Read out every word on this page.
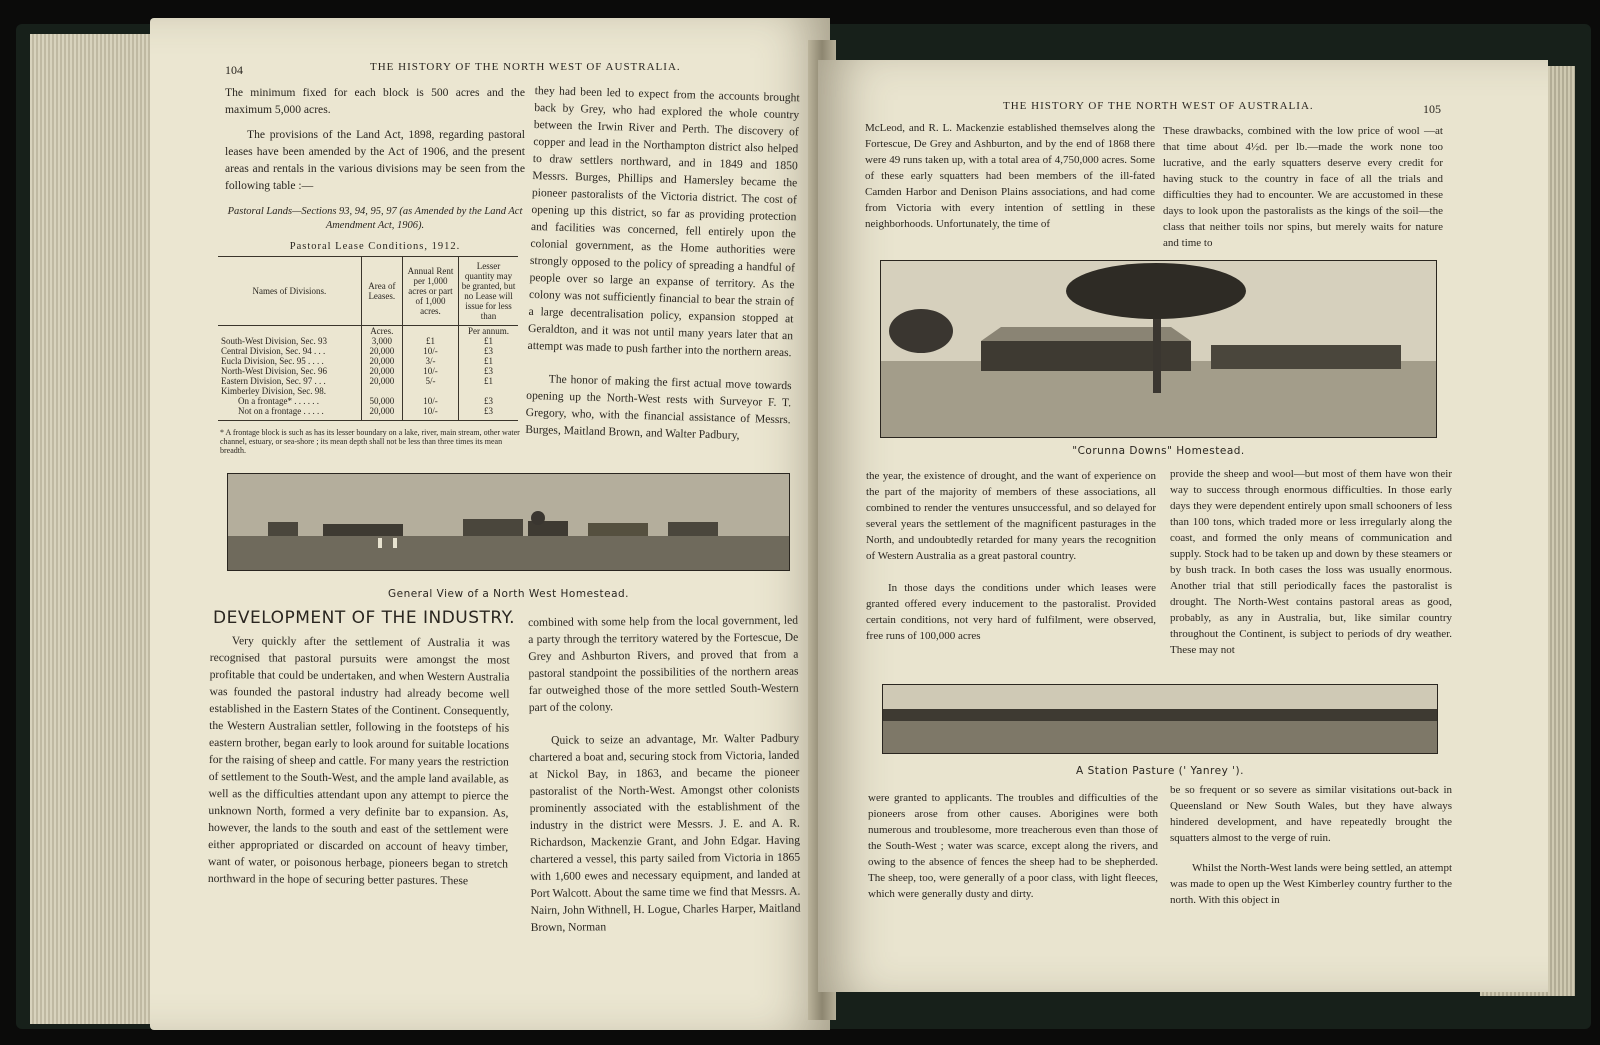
104	THE HISTORY OF THE NORTH WEST OF AUSTRALIA.

The minimum fixed for each block is 500 acres and the maximum 5,000 acres.

The provisions of the Land Act, 1898, regarding pastoral leases have been amended by the Act of 1906, and the present areas and rentals in the various divisions may be seen from the following table :—

Pastoral Lands—Sections 93, 94, 95, 97 (as Amended by the Land Act Amendment Act, 1906).
Pastoral Lease Conditions, 1912.
Names of Divisions.	Area of Leases.	Annual Rent per 1,000 acres or part of 1,000 acres.	Lesser quantity may be granted, but no Lease will issue for less than
	Acres.		Per annum.
South-West Division, Sec. 93	3,000	£1	£1
Central Division, Sec. 94 . . .	20,000	10/-	£3
Eucla Division, Sec. 95 . . . .	20,000	3/-	£1
North-West Division, Sec. 96	20,000	10/-	£3
Eastern Division, Sec. 97 . . .	20,000	5/-	£1
Kimberley Division, Sec. 98.			
On a frontage* . . . . . .	50,000	10/-	£3
Not on a frontage . . . . .	20,000	10/-	£3
* A frontage block is such as has its lesser boundary on a lake, river, main stream, other water channel, estuary, or sea-shore ; its mean depth shall not be less than three times its mean breadth.

they had been led to expect from the accounts brought back by Grey, who had explored the whole country between the Irwin River and Perth. The discovery of copper and lead in the Northampton district also helped to draw settlers northward, and in 1849 and 1850 Messrs. Burges, Phillips and Hamersley became the pioneer pastoralists of the Victoria district. The cost of opening up this district, so far as providing protection and facilities was concerned, fell entirely upon the colonial government, as the Home authorities were strongly opposed to the policy of spreading a handful of people over so large an expanse of territory. As the colony was not sufficiently financial to bear the strain of a large decentralisation policy, expansion stopped at Geraldton, and it was not until many years later that an attempt was made to push farther into the northern areas.

The honor of making the first actual move towards opening up the North-West rests with Surveyor F. T. Gregory, who, with the financial assistance of Messrs. Burges, Maitland Brown, and Walter Padbury,

General View of a North West Homestead.
DEVELOPMENT OF THE INDUSTRY.

Very quickly after the settlement of Australia it was recognised that pastoral pursuits were amongst the most profitable that could be undertaken, and when Western Australia was founded the pastoral industry had already become well established in the Eastern States of the Continent. Consequently, the Western Australian settler, following in the footsteps of his eastern brother, began early to look around for suitable locations for the raising of sheep and cattle. For many years the restriction of settlement to the South-West, and the ample land available, as well as the difficulties attendant upon any attempt to pierce the unknown North, formed a very definite bar to expansion. As, however, the lands to the south and east of the settlement were either appropriated or discarded on account of heavy timber, want of water, or poisonous herbage, pioneers began to stretch northward in the hope of securing better pastures. These

combined with some help from the local government, led a party through the territory watered by the Fortescue, De Grey and Ashburton Rivers, and proved that from a pastoral standpoint the possibilities of the northern areas far outweighed those of the more settled South-Western part of the colony.

Quick to seize an advantage, Mr. Walter Padbury chartered a boat and, securing stock from Victoria, landed at Nickol Bay, in 1863, and became the pioneer pastoralist of the North-West. Amongst other colonists prominently associated with the establishment of the industry in the district were Messrs. J. E. and A. R. Richardson, Mackenzie Grant, and John Edgar. Having chartered a vessel, this party sailed from Victoria in 1865 with 1,600 ewes and necessary equipment, and landed at Port Walcott. About the same time we find that Messrs. A. Nairn, John Withnell, H. Logue, Charles Harper, Maitland Brown, Norman

THE HISTORY OF THE NORTH WEST OF AUSTRALIA.	105

McLeod, and R. L. Mackenzie established themselves along the Fortescue, De Grey and Ashburton, and by the end of 1868 there were 49 runs taken up, with a total area of 4,750,000 acres. Some of these early squatters had been members of the ill-fated Camden Harbor and Denison Plains associations, and had come from Victoria with every intention of settling in these neighborhoods. Unfortunately, the time of

These drawbacks, combined with the low price of wool —at that time about 4½d. per lb.—made the work none too lucrative, and the early squatters deserve every credit for having stuck to the country in face of all the trials and difficulties they had to encounter. We are accustomed in these days to look upon the pastoralists as the kings of the soil—the class that neither toils nor spins, but merely waits for nature and time to

"Corunna Downs" Homestead.

the year, the existence of drought, and the want of experience on the part of the majority of members of these associations, all combined to render the ventures unsuccessful, and so delayed for several years the settlement of the magnificent pasturages in the North, and undoubtedly retarded for many years the recognition of Western Australia as a great pastoral country.

In those days the conditions under which leases were granted offered every inducement to the pastoralist. Provided certain conditions, not very hard of fulfilment, were observed, free runs of 100,000 acres

provide the sheep and wool—but most of them have won their way to success through enormous difficulties. In those early days they were dependent entirely upon small schooners of less than 100 tons, which traded more or less irregularly along the coast, and formed the only means of communication and supply. Stock had to be taken up and down by these steamers or by bush track. In both cases the loss was usually enormous. Another trial that still periodically faces the pastoralist is drought. The North-West contains pastoral areas as good, probably, as any in Australia, but, like similar country throughout the Continent, is subject to periods of dry weather. These may not

A Station Pasture (' Yanrey ').

were granted to applicants. The troubles and difficulties of the pioneers arose from other causes. Aborigines were both numerous and troublesome, more treacherous even than those of the South-West ; water was scarce, except along the rivers, and owing to the absence of fences the sheep had to be shepherded. The sheep, too, were generally of a poor class, with light fleeces, which were generally dusty and dirty.

be so frequent or so severe as similar visitations out-back in Queensland or New South Wales, but they have always hindered development, and have repeatedly brought the squatters almost to the verge of ruin.

Whilst the North-West lands were being settled, an attempt was made to open up the West Kimberley country further to the north. With this object in
